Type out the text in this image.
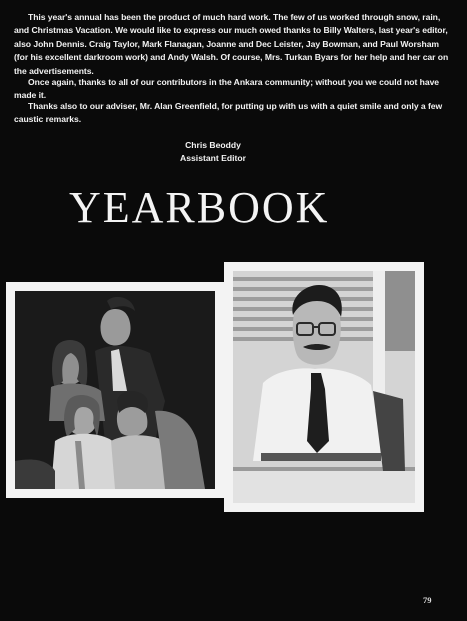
This year's annual has been the product of much hard work. The few of us worked through snow, rain, and Christmas Vacation. We would like to express our much owed thanks to Billy Walters, last year's editor, also John Dennis. Craig Taylor, Mark Flanagan, Joanne and Dec Leister, Jay Bowman, and Paul Worsham (for his excellent darkroom work) and Andy Walsh. Of course, Mrs. Turkan Byars for her help and her car on the advertisements.

Once again, thanks to all of our contributors in the Ankara community; without you we could not have made it.

Thanks also to our adviser, Mr. Alan Greenfield, for putting up with us with a quiet smile and only a few caustic remarks.

Chris Beoddy
Assistant Editor
YEARBOOK
79
